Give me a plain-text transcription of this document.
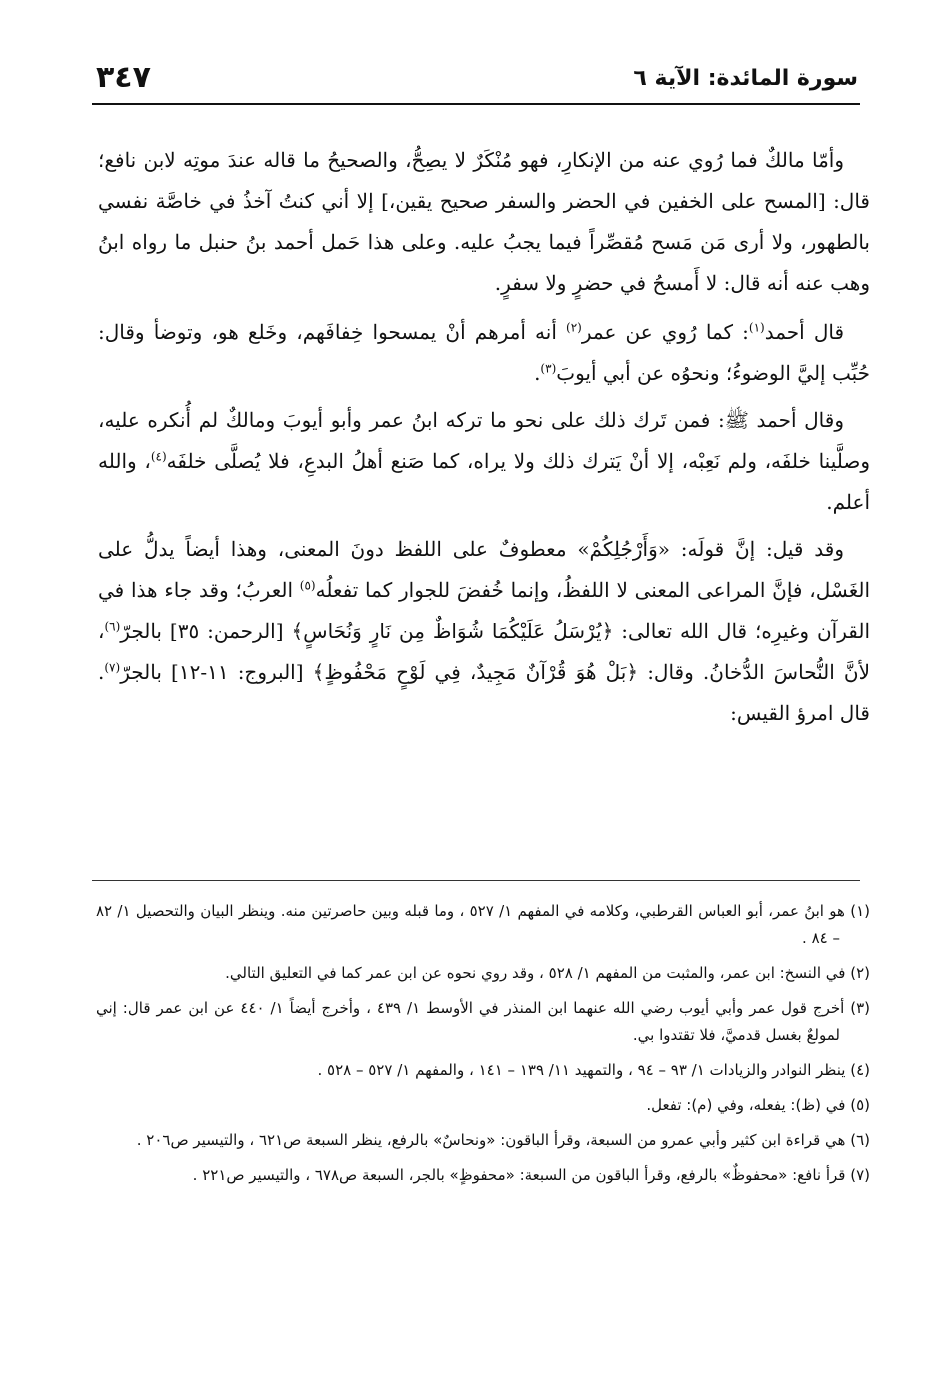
سورة المائدة: الآية ٦
٣٤٧

وأمّا مالكٌ فما رُوي عنه من الإنكارِ، فهو مُنْكَرٌ لا يصِحُّ، والصحيحُ ما قاله عندَ موتِه لابن نافع؛ قال: [المسح على الخفين في الحضر والسفر صحيح يقين،] إلا أني كنتُ آخذُ في خاصَّة نفسي بالطهور، ولا أرى مَن مَسح مُقصِّراً فيما يجبُ عليه. وعلى هذا حَمل أحمد بنُ حنبل ما رواه ابنُ وهب عنه أنه قال: لا أَمسحُ في حضرٍ ولا سفرٍ.

قال أحمد$^{(١)}$: كما رُوي عن عمر$^{(٢)}$ أنه أمرهم أنْ يمسحوا خِفافَهم، وخَلع هو، وتوضأ وقال: حُبِّب إليَّ الوضوءُ؛ ونحوُه عن أبي أيوبَ$^{(٣)}$.

وقال أحمد ﷺ: فمن تَرك ذلك على نحو ما تركه ابنُ عمر وأبو أيوبَ ومالكٌ لم أُنكره عليه، وصلَّينا خلفَه، ولم نَعِبْه، إلا أنْ يَترك ذلك ولا يراه، كما صَنع أهلُ البدعِ، فلا يُصلَّى خلفَه$^{(٤)}$، والله أعلم.

وقد قيل: إنَّ قولَه: «وَأَرْجُلِكُمْ» معطوفٌ على اللفظ دونَ المعنى، وهذا أيضاً يدلُّ على الغَسْل، فإنَّ المراعى المعنى لا اللفظُ، وإنما خُفضَ للجوار كما تفعلُه$^{(٥)}$ العربُ؛ وقد جاء هذا في القرآن وغيرِه؛ قال الله تعالى: ﴿يُرْسَلُ عَلَيْكُمَا شُوَاظٌ مِن نَارٍ وَنُحَاسٍ﴾ [الرحمن: ٣٥] بالجرّ$^{(٦)}$، لأنَّ النُّحاسَ الدُّخانُ. وقال: ﴿بَلْ هُوَ قُرْآنٌ مَجِيدٌ، فِي لَوْحٍ مَحْفُوظٍ﴾ [البروج: ١١-١٢] بالجرّ$^{(٧)}$. قال امرؤ القيس:

(١) هو ابنُ عمر، أبو العباس القرطبي، وكلامه في المفهم ١/ ٥٢٧ ، وما قبله وبين حاصرتين منه. وينظر البيان والتحصيل ١/ ٨٢ – ٨٤ .

(٢) في النسخ: ابن عمر، والمثبت من المفهم ١/ ٥٢٨ ، وقد روي نحوه عن ابن عمر كما في التعليق التالي.

(٣) أخرج قول عمر وأبي أيوب رضي الله عنهما ابن المنذر في الأوسط ١/ ٤٣٩ ، وأخرج أيضاً ١/ ٤٤٠ عن ابن عمر قال: إني لمولعٌ بغسل قدميَّ، فلا تقتدوا بي.

(٤) ينظر النوادر والزيادات ١/ ٩٣ – ٩٤ ، والتمهيد ١١/ ١٣٩ – ١٤١ ، والمفهم ١/ ٥٢٧ – ٥٢٨ .

(٥) في (ظ): يفعله، وفي (م): تفعل.

(٦) هي قراءة ابن كثير وأبي عمرو من السبعة، وقرأ الباقون: «ونحاسٌ» بالرفع، ينظر السبعة ص٦٢١ ، والتيسير ص٢٠٦ .

(٧) قرأ نافع: «محفوظٌ» بالرفع، وقرأ الباقون من السبعة: «محفوظٍ» بالجر، السبعة ص٦٧٨ ، والتيسير ص٢٢١ .
